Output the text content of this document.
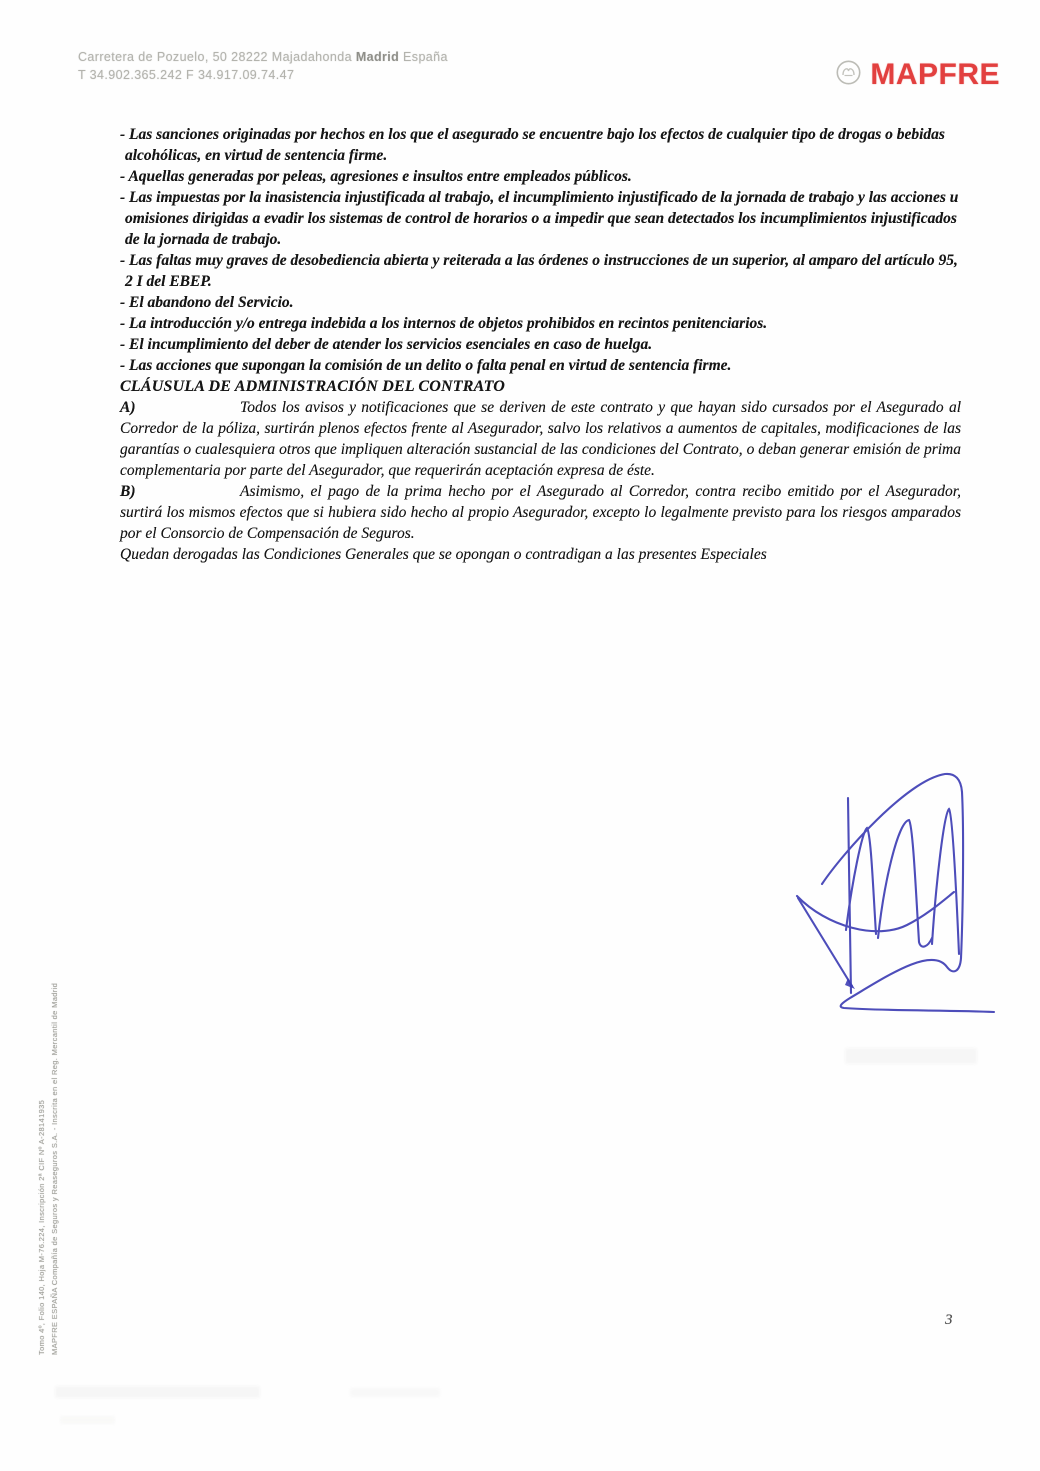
Carretera de Pozuelo, 50 28222 Majadahonda Madrid España
T 34.902.365.242 F 34.917.09.74.47	MAPFRE

- Las sanciones originadas por hechos en los que el asegurado se encuentre bajo los efectos de cualquier tipo de drogas o bebidas alcohólicas, en virtud de sentencia firme.

- Aquellas generadas por peleas, agresiones e insultos entre empleados públicos.

- Las impuestas por la inasistencia injustificada al trabajo, el incumplimiento injustificado de la jornada de trabajo y las acciones u omisiones dirigidas a evadir los sistemas de control de horarios o a impedir que sean detectados los incumplimientos injustificados de la jornada de trabajo.

- Las faltas muy graves de desobediencia abierta y reiterada a las órdenes o instrucciones de un superior, al amparo del artículo 95, 2 I del EBEP.

- El abandono del Servicio.

- La introducción y/o entrega indebida a los internos de objetos prohibidos en recintos penitenciarios.

- El incumplimiento del deber de atender los servicios esenciales en caso de huelga.

- Las acciones que supongan la comisión de un delito o falta penal en virtud de sentencia firme.

CLÁUSULA DE ADMINISTRACIÓN DEL CONTRATO

A)	Todos los avisos y notificaciones que se deriven de este contrato y que hayan sido cursados por el Asegurado al Corredor de la póliza, surtirán plenos efectos frente al Asegurador, salvo los relativos a aumentos de capitales, modificaciones de las garantías o cualesquiera otros que impliquen alteración sustancial de las condiciones del Contrato, o deban generar emisión de prima complementaria por parte del Asegurador, que requerirán aceptación expresa de éste.

B)	Asimismo, el pago de la prima hecho por el Asegurado al Corredor, contra recibo emitido por el Asegurador, surtirá los mismos efectos que si hubiera sido hecho al propio Asegurador, excepto lo legalmente previsto para los riesgos amparados por el Consorcio de Compensación de Seguros.

Quedan derogadas las Condiciones Generales que se opongan o contradigan a las presentes Especiales

MAPFRE ESPAÑA Compañía de Seguros y Reaseguros S.A. - Inscrita en el Reg. Mercantil de Madrid
Tomo 4º, Folio 140, Hoja M-76.224, Inscripción 2ª CIF Nº A-28141935	3
